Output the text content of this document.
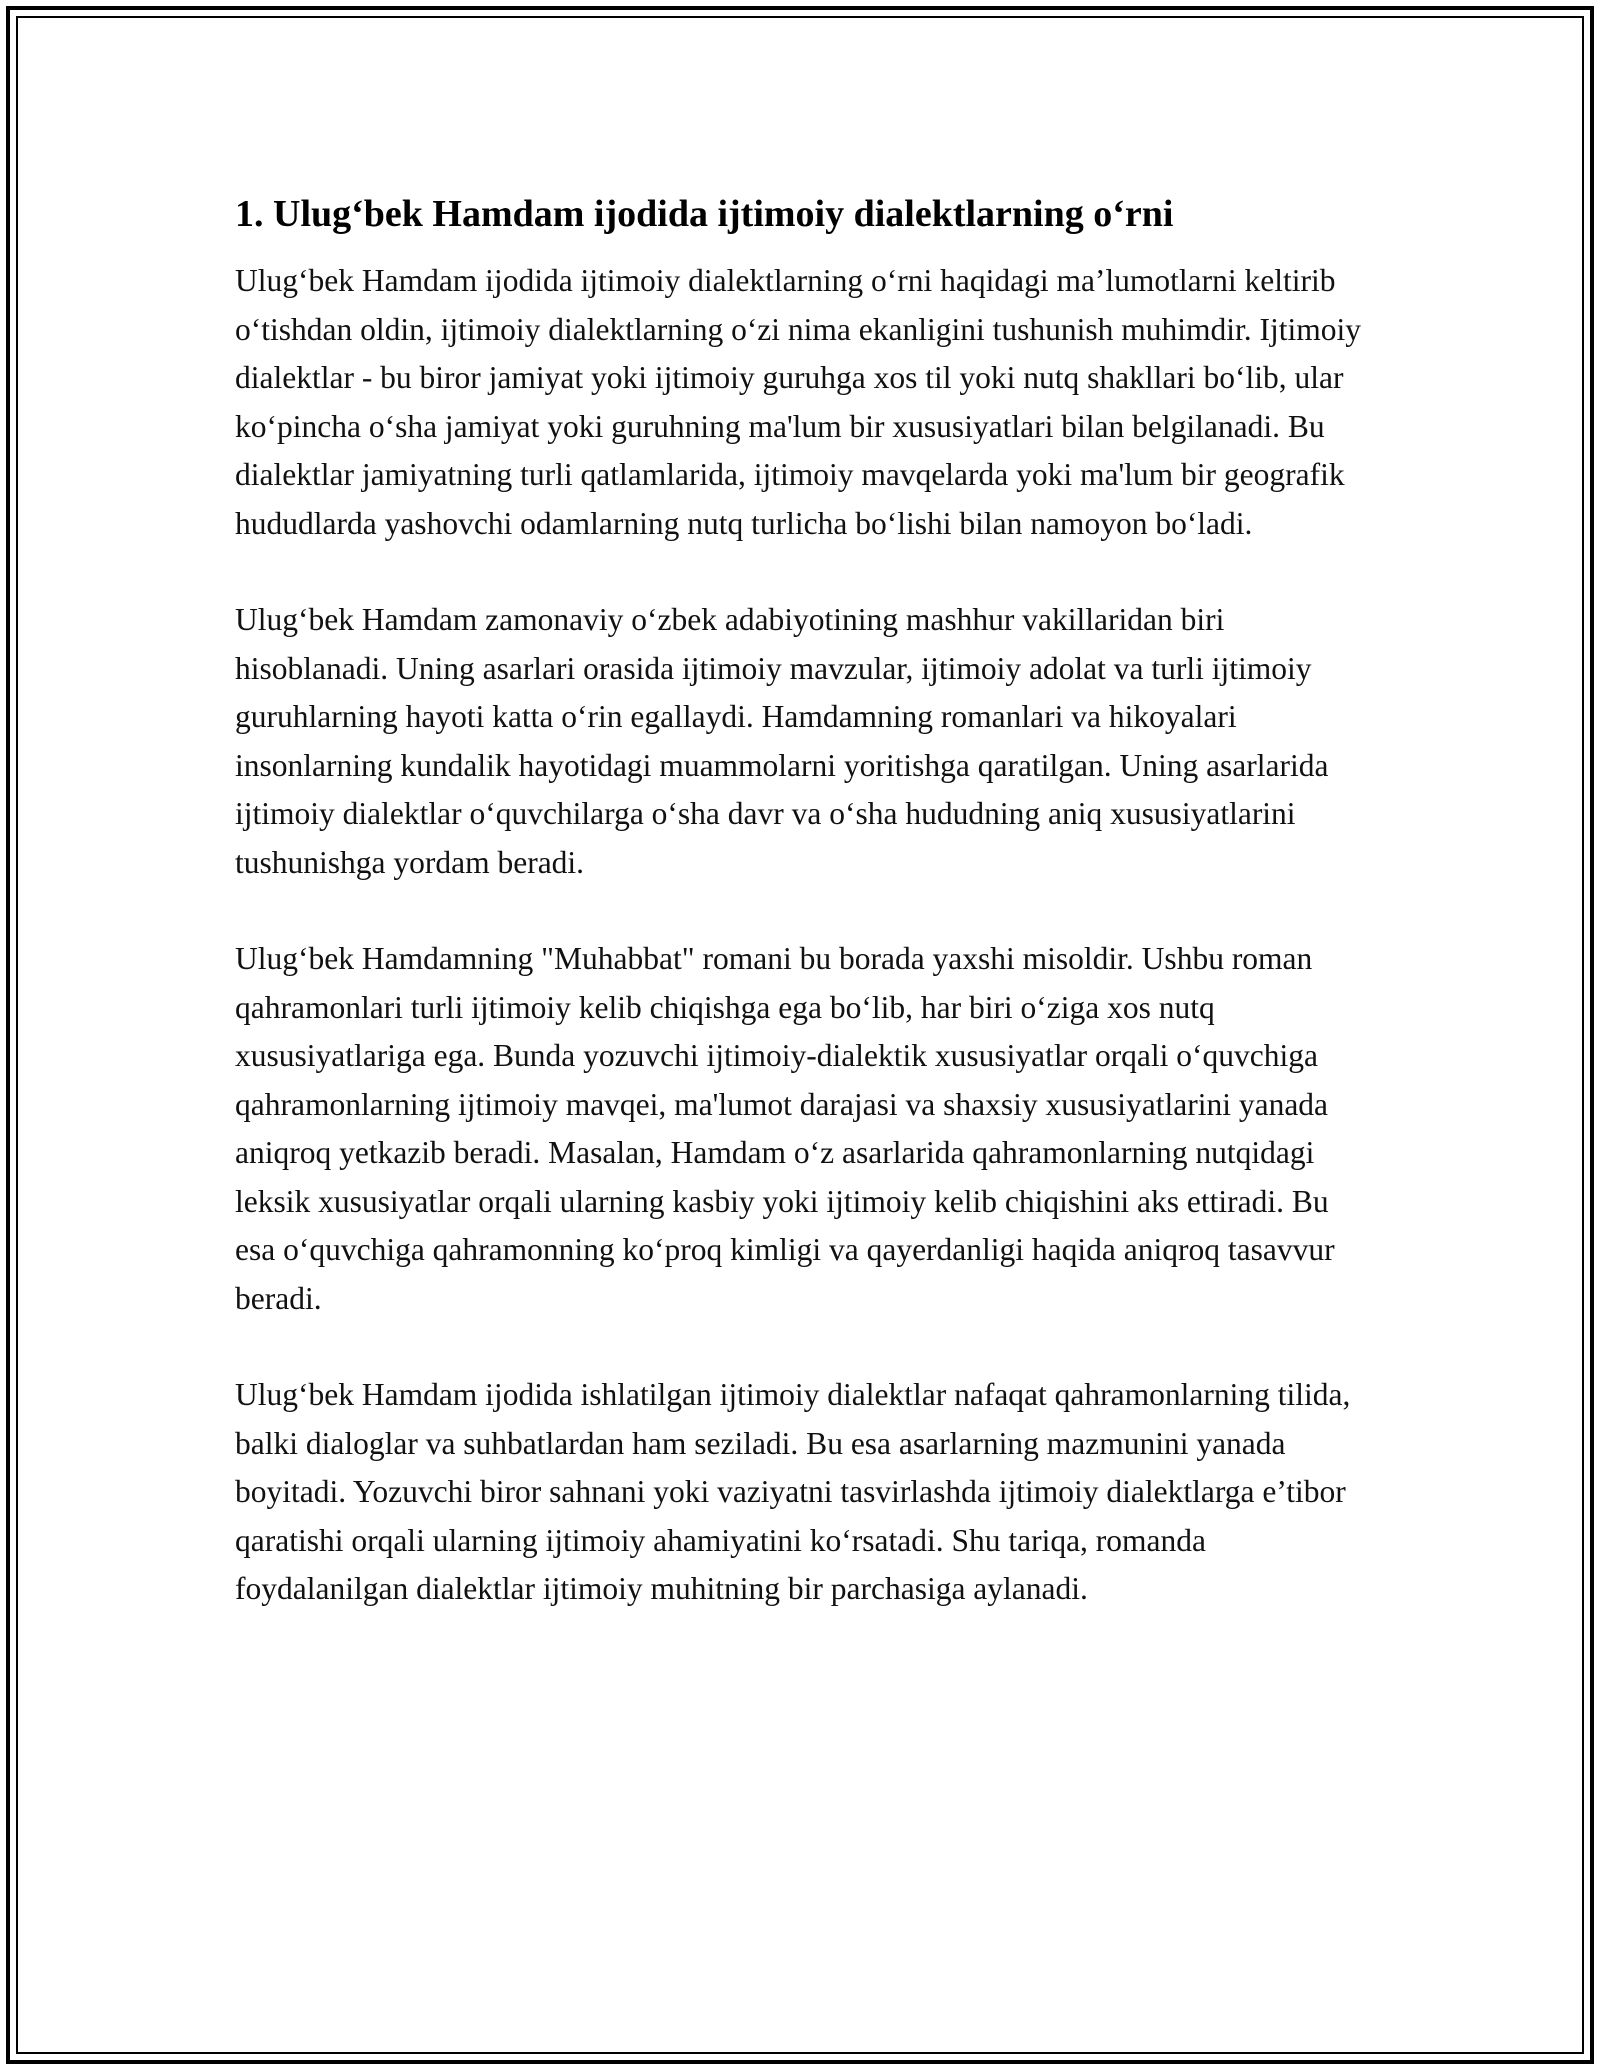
1. Ulug‘bek Hamdam ijodida ijtimoiy dialektlarning o‘rni

Ulug‘bek Hamdam ijodida ijtimoiy dialektlarning o‘rni haqidagi ma’lumotlarni keltirib o‘tishdan oldin, ijtimoiy dialektlarning o‘zi nima ekanligini tushunish muhimdir. Ijtimoiy dialektlar - bu biror jamiyat yoki ijtimoiy guruhga xos til yoki nutq shakllari bo‘lib, ular ko‘pincha o‘sha jamiyat yoki guruhning ma'lum bir xususiyatlari bilan belgilanadi. Bu dialektlar jamiyatning turli qatlamlarida, ijtimoiy mavqelarda yoki ma'lum bir geografik hududlarda yashovchi odamlarning nutq turlicha bo‘lishi bilan namoyon bo‘ladi.

Ulug‘bek Hamdam zamonaviy o‘zbek adabiyotining mashhur vakillaridan biri hisoblanadi. Uning asarlari orasida ijtimoiy mavzular, ijtimoiy adolat va turli ijtimoiy guruhlarning hayoti katta o‘rin egallaydi. Hamdamning romanlari va hikoyalari insonlarning kundalik hayotidagi muammolarni yoritishga qaratilgan. Uning asarlarida ijtimoiy dialektlar o‘quvchilarga o‘sha davr va o‘sha hududning aniq xususiyatlarini tushunishga yordam beradi.

Ulug‘bek Hamdamning "Muhabbat" romani bu borada yaxshi misoldir. Ushbu roman qahramonlari turli ijtimoiy kelib chiqishga ega bo‘lib, har biri o‘ziga xos nutq xususiyatlariga ega. Bunda yozuvchi ijtimoiy-dialektik xususiyatlar orqali o‘quvchiga qahramonlarning ijtimoiy mavqei, ma'lumot darajasi va shaxsiy xususiyatlarini yanada aniqroq yetkazib beradi. Masalan, Hamdam o‘z asarlarida qahramonlarning nutqidagi leksik xususiyatlar orqali ularning kasbiy yoki ijtimoiy kelib chiqishini aks ettiradi. Bu esa o‘quvchiga qahramonning ko‘proq kimligi va qayerdanligi haqida aniqroq tasavvur beradi.

Ulug‘bek Hamdam ijodida ishlatilgan ijtimoiy dialektlar nafaqat qahramonlarning tilida, balki dialoglar va suhbatlardan ham seziladi. Bu esa asarlarning mazmunini yanada boyitadi. Yozuvchi biror sahnani yoki vaziyatni tasvirlashda ijtimoiy dialektlarga e’tibor qaratishi orqali ularning ijtimoiy ahamiyatini ko‘rsatadi. Shu tariqa, romanda foydalanilgan dialektlar ijtimoiy muhitning bir parchasiga aylanadi.
